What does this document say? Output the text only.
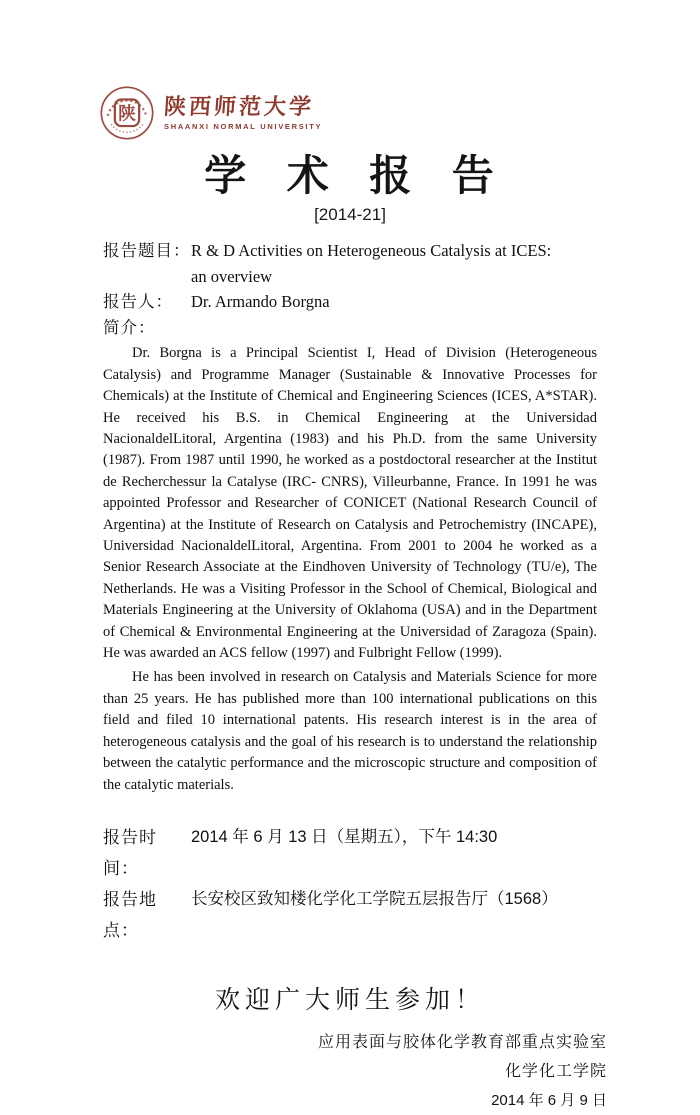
陕 陕西师范大学
SHAANXI NORMAL UNIVERSITY
学 术 报 告
[2014-21]
报告题目： R & D Activities on Heterogeneous Catalysis at ICES:
an overview
报告人：	Dr. Armando Borgna
简介：

Dr. Borgna is a Principal Scientist I, Head of Division (Heterogeneous Catalysis) and Programme Manager (Sustainable & Innovative Processes for Chemicals) at the Institute of Chemical and Engineering Sciences (ICES, A*STAR). He received his B.S. in Chemical Engineering at the Universidad NacionaldelLitoral, Argentina (1983) and his Ph.D. from the same University (1987). From 1987 until 1990, he worked as a postdoctoral researcher at the Institut de Recherchessur la Catalyse (IRC- CNRS), Villeurbanne, France. In 1991 he was appointed Professor and Researcher of CONICET (National Research Council of Argentina) at the Institute of Research on Catalysis and Petrochemistry (INCAPE), Universidad NacionaldelLitoral, Argentina. From 2001 to 2004 he worked as a Senior Research Associate at the Eindhoven University of Technology (TU/e), The Netherlands. He was a Visiting Professor in the School of Chemical, Biological and Materials Engineering at the University of Oklahoma (USA) and in the Department of Chemical & Environmental Engineering at the Universidad of Zaragoza (Spain). He was awarded an ACS fellow (1997) and Fulbright Fellow (1999).

He has been involved in research on Catalysis and Materials Science for more than 25 years. He has published more than 100 international publications on this field and filed 10 international patents. His research interest is in the area of heterogeneous catalysis and the goal of his research is to understand the relationship between the catalytic performance and the microscopic structure and composition of the catalytic materials.

报告时间：
2014 年 6 月 13 日（星期五），下午 14:30
报告地点：
长安校区致知楼化学化工学院五层报告厅（1568）
欢迎广大师生参加！
应用表面与胶体化学教育部重点实验室
化学化工学院
2014 年 6 月 9 日
